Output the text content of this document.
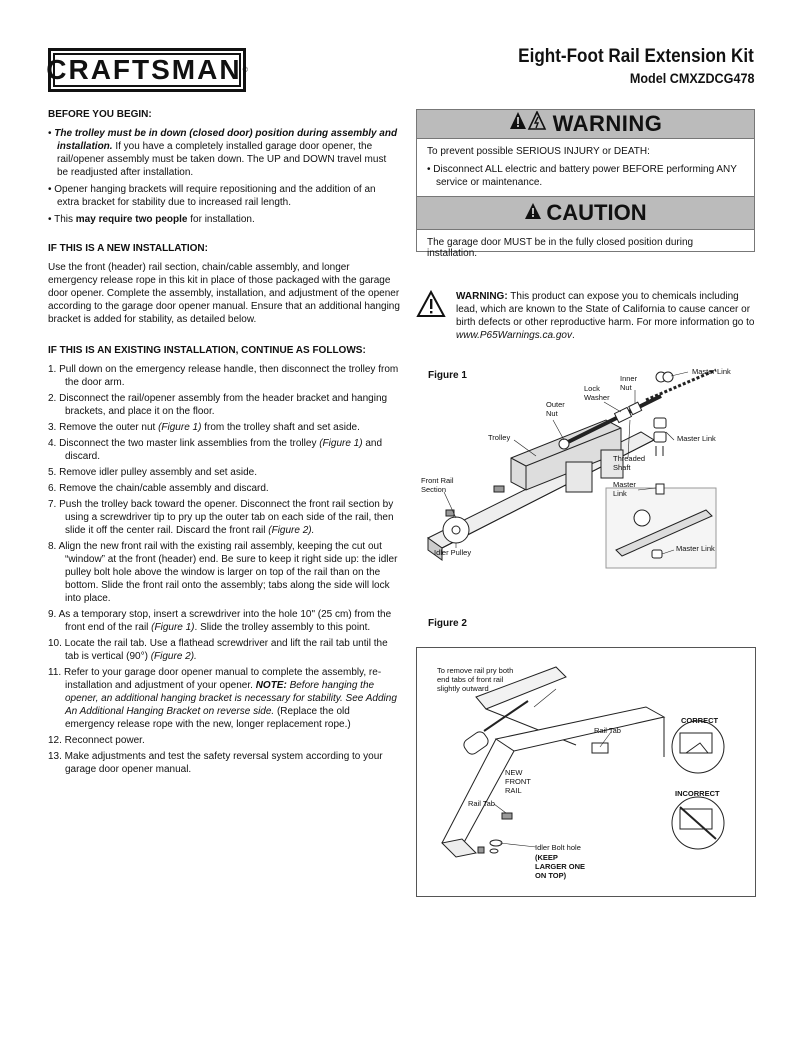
CRAFTSMAN ®
Eight-Foot Rail Extension Kit
Model CMXZDCG478
BEFORE YOU BEGIN:
• The trolley must be in down (closed door) position during assembly and installation. If you have a completely installed garage door opener, the rail/opener assembly must be taken down. The UP and DOWN travel must be readjusted after installation.
• Opener hanging brackets will require repositioning and the addition of an extra bracket for stability due to increased rail length.
• This may require two people for installation.
IF THIS IS A NEW INSTALLATION:

Use the front (header) rail section, chain/cable assembly, and longer emergency release rope in this kit in place of those packaged with the garage door opener. Complete the assembly, installation, and adjustment of the opener according to the garage door opener manual. Ensure that an additional hanging bracket is added for stability, as detailed below.

IF THIS IS AN EXISTING INSTALLATION, CONTINUE AS FOLLOWS:
1. Pull down on the emergency release handle, then disconnect the trolley from the door arm.
2. Disconnect the rail/opener assembly from the header bracket and hanging brackets, and place it on the floor.
3. Remove the outer nut (Figure 1) from the trolley shaft and set aside.
4. Disconnect the two master link assemblies from the trolley (Figure 1) and discard.
5. Remove idler pulley assembly and set aside.
6. Remove the chain/cable assembly and discard.
7. Push the trolley back toward the opener. Disconnect the front rail section by using a screwdriver tip to pry up the outer tab on each side of the rail, then slide it off the center rail. Discard the front rail (Figure 2).
8. Align the new front rail with the existing rail assembly, keeping the cut out “window” at the front (header) end. Be sure to keep it right side up: the idler pulley bolt hole above the window is larger on top of the rail than on the bottom. Slide the front rail onto the assembly; tabs along the side will lock into place.
9. As a temporary stop, insert a screwdriver into the hole 10" (25 cm) from the front end of the rail (Figure 1). Slide the trolley assembly to this point.
10. Locate the rail tab. Use a flathead screwdriver and lift the rail tab until the tab is vertical (90°) (Figure 2).
11. Refer to your garage door opener manual to complete the assembly, re-installation and adjustment of your opener. NOTE: Before hanging the opener, an additional hanging bracket is necessary for stability. See Adding An Additional Hanging Bracket on reverse side. (Replace the old emergency release rope with the new, longer replacement rope.)
12. Reconnect power.
13. Make adjustments and test the safety reversal system according to your garage door opener manual.
WARNING
To prevent possible SERIOUS INJURY or DEATH:
• Disconnect ALL electric and battery power BEFORE performing ANY service or maintenance.
CAUTION
The garage door MUST be in the fully closed position during installation.
WARNING: This product can expose you to chemicals including lead, which are known to the State of California to cause cancer or birth defects or other reproductive harm. For more information go to www.P65Warnings.ca.gov.
Figure 1	Master Link
Inner Nut
Lock Washer
Outer Nut
Trolley	Master Link
Threaded Shaft
Front Rail Section
Master Link
Idler Pulley	Master Link
Figure 2
To remove rail pry both end tabs of front rail slightly outward
Rail Tab
CORRECT
NEW FRONT RAIL	INCORRECT
Rail Tab
Idler Bolt hole
(KEEP LARGER ONE ON TOP)
